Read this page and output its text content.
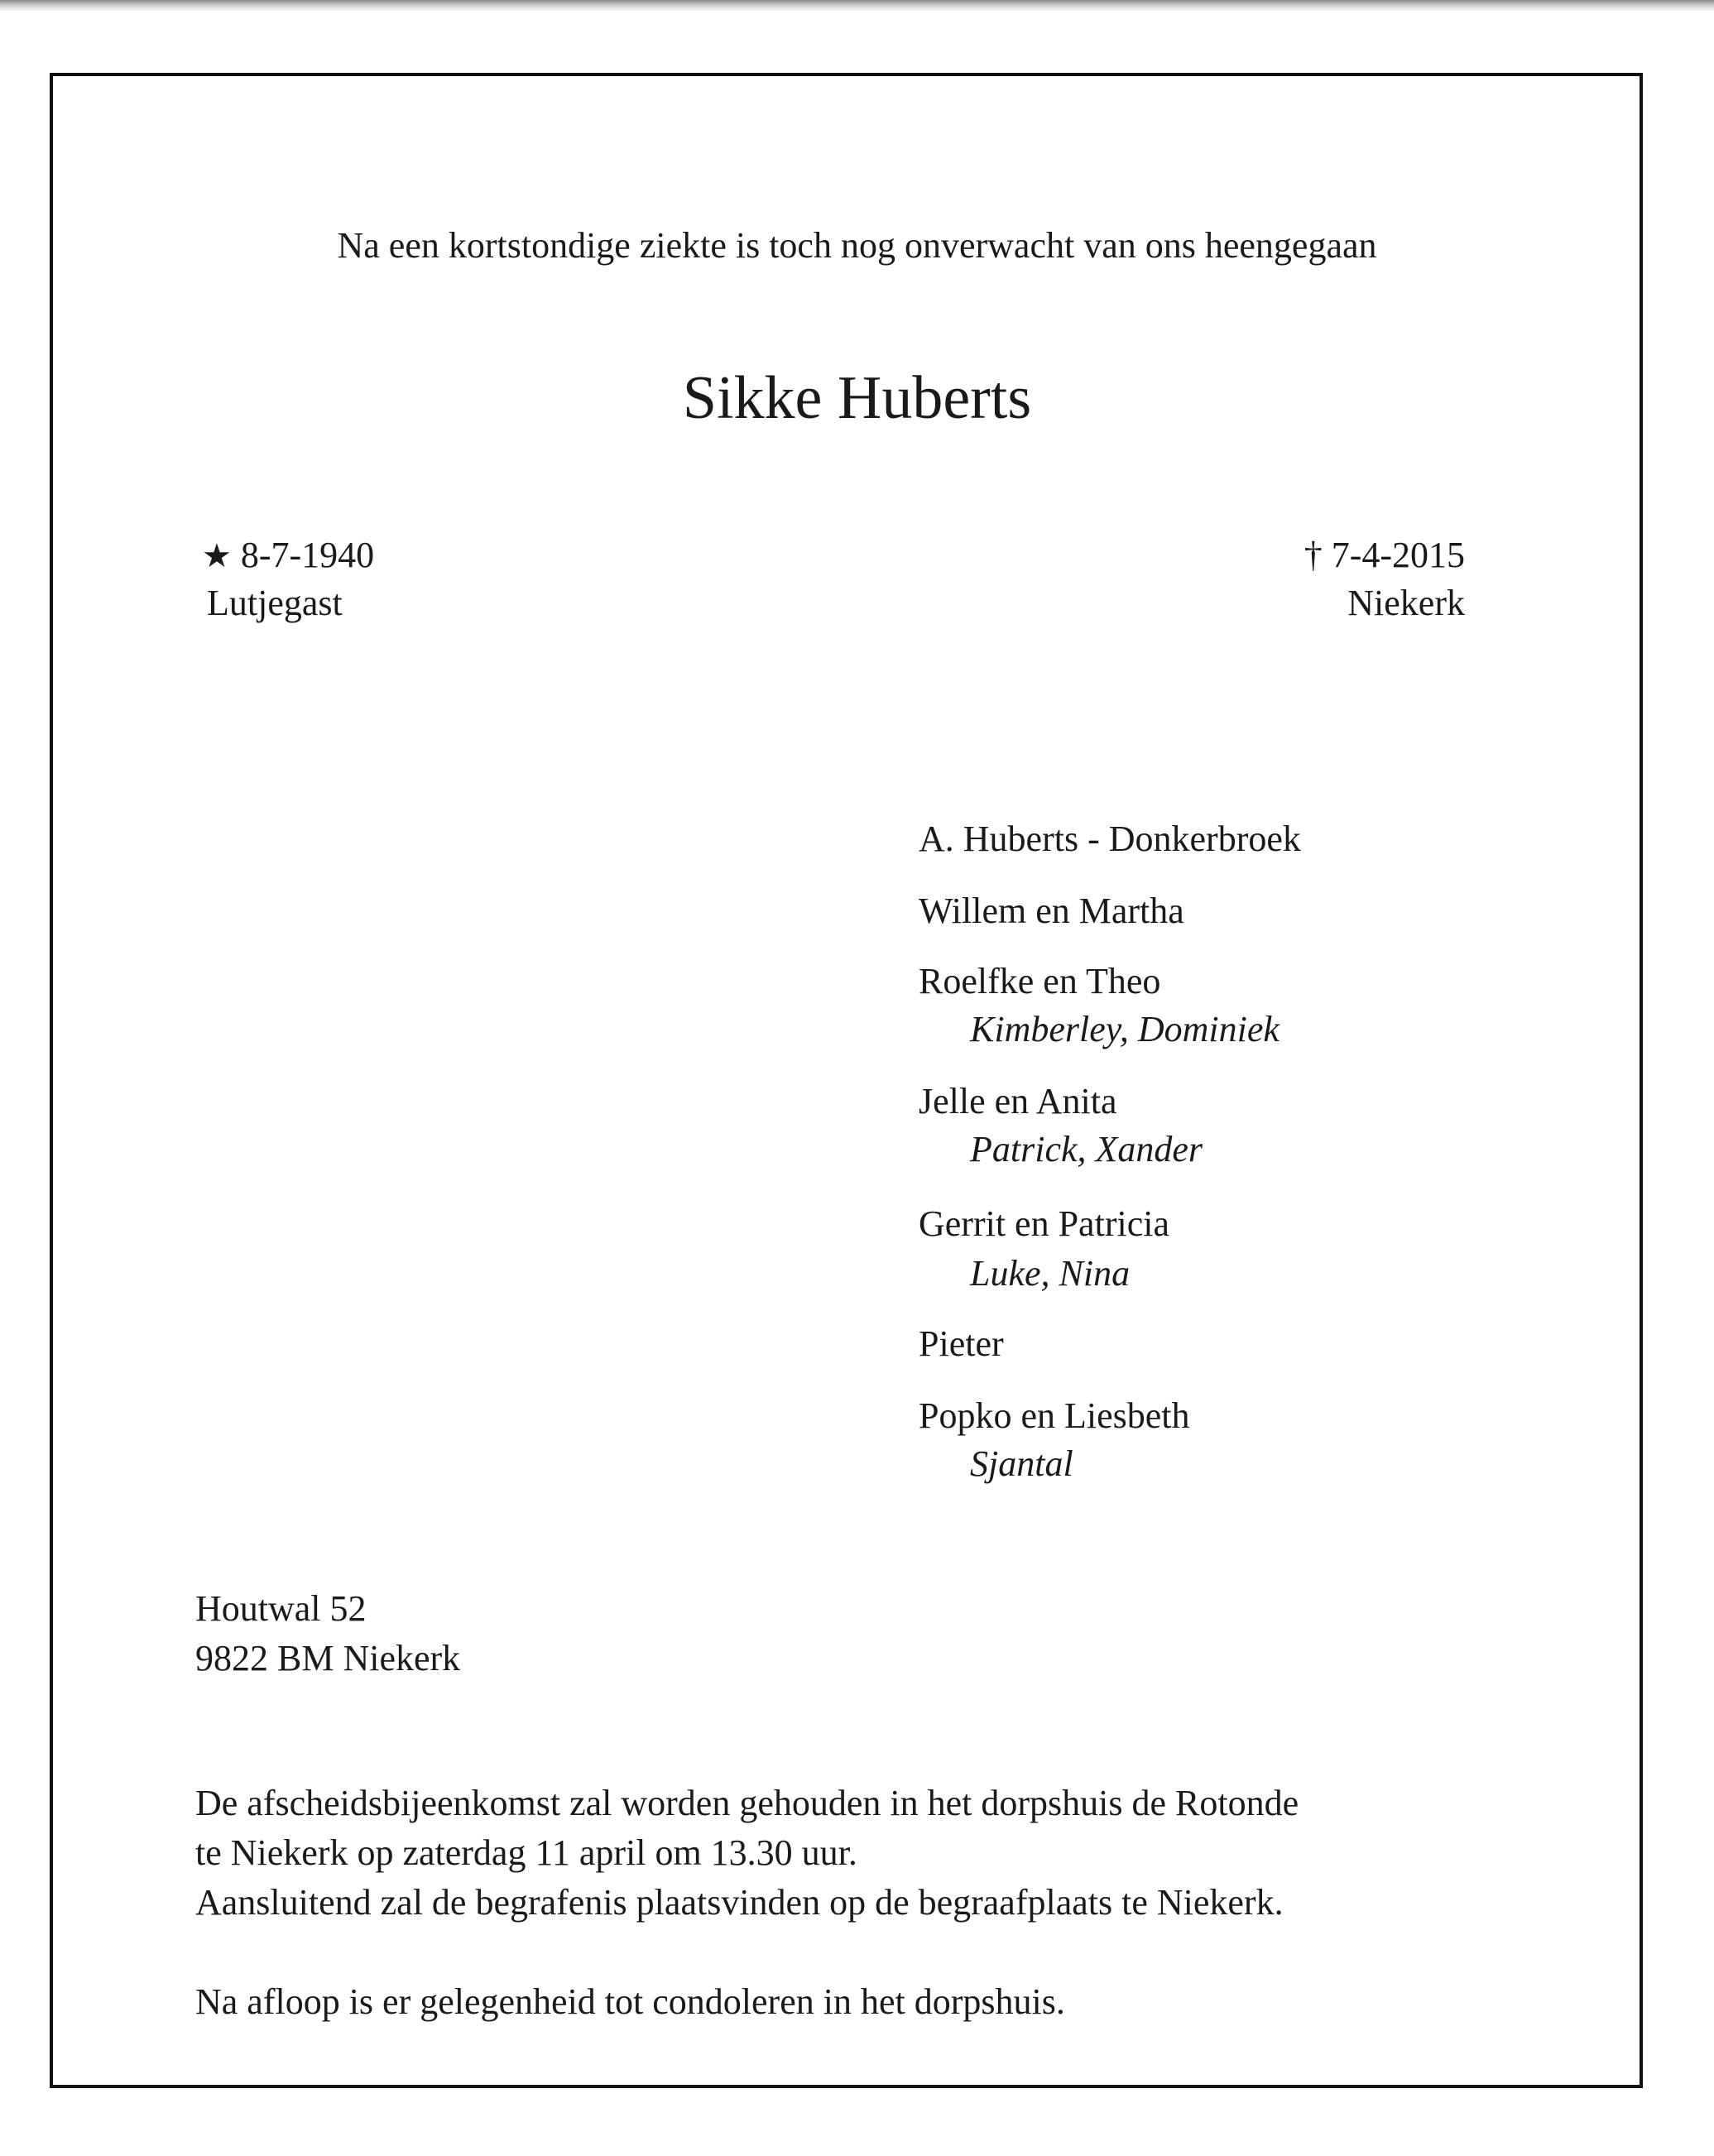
Na een kortstondige ziekte is toch nog onverwacht van ons heengegaan
Sikke Huberts
★ 8-7-1940
Lutjegast
† 7-4-2015
Niekerk
A. Huberts - Donkerbroek
Willem en Martha
Roelfke en Theo
Kimberley, Dominiek
Jelle en Anita
Patrick, Xander
Gerrit en Patricia
Luke, Nina
Pieter
Popko en Liesbeth
Sjantal
Houtwal 52
9822 BM Niekerk
De afscheidsbijeenkomst zal worden gehouden in het dorpshuis de Rotonde
te Niekerk op zaterdag 11 april om 13.30 uur.
Aansluitend zal de begrafenis plaatsvinden op de begraafplaats te Niekerk.
Na afloop is er gelegenheid tot condoleren in het dorpshuis.
